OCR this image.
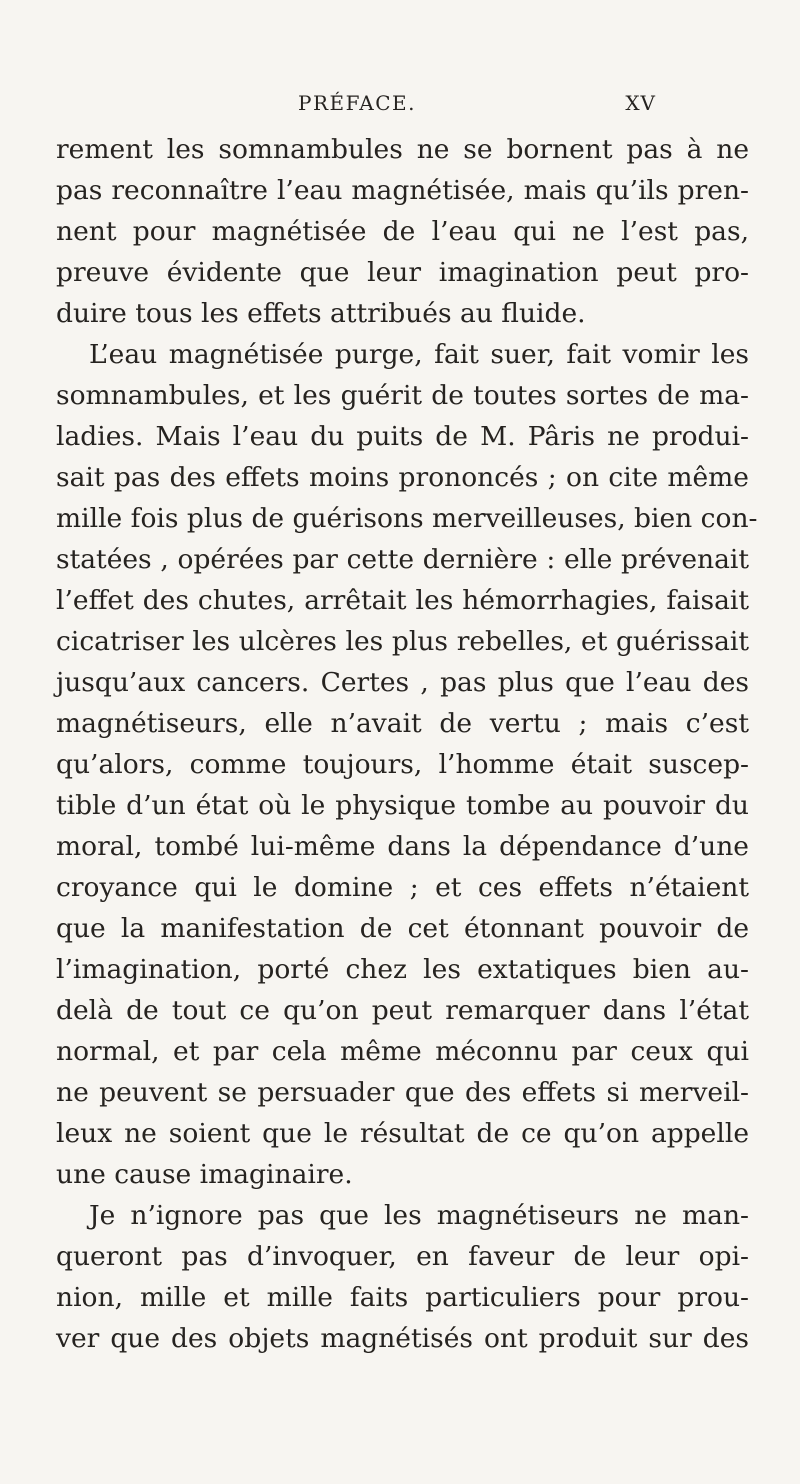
PRÉFACE.	XV
rement les somnambules ne se bornent pas à ne
pas reconnaître l’eau magnétisée, mais qu’ils pren-
nent pour magnétisée de l’eau qui ne l’est pas,
preuve évidente que leur imagination peut pro-
duire tous les effets attribués au fluide.
L’eau magnétisée purge, fait suer, fait vomir les
somnambules, et les guérit de toutes sortes de ma-
ladies. Mais l’eau du puits de M. Pâris ne produi-
sait pas des effets moins prononcés ; on cite même
mille fois plus de guérisons merveilleuses, bien con-
statées , opérées par cette dernière : elle prévenait
l’effet des chutes, arrêtait les hémorrhagies, faisait
cicatriser les ulcères les plus rebelles, et guérissait
jusqu’aux cancers. Certes , pas plus que l’eau des
magnétiseurs, elle n’avait de vertu ; mais c’est
qu’alors, comme toujours, l’homme était suscep-
tible d’un état où le physique tombe au pouvoir du
moral, tombé lui-même dans la dépendance d’une
croyance qui le domine ; et ces effets n’étaient
que la manifestation de cet étonnant pouvoir de
l’imagination, porté chez les extatiques bien au-
delà de tout ce qu’on peut remarquer dans l’état
normal, et par cela même méconnu par ceux qui
ne peuvent se persuader que des effets si merveil-
leux ne soient que le résultat de ce qu’on appelle
une cause imaginaire.
Je n’ignore pas que les magnétiseurs ne man-
queront pas d’invoquer, en faveur de leur opi-
nion, mille et mille faits particuliers pour prou-
ver que des objets magnétisés ont produit sur des
